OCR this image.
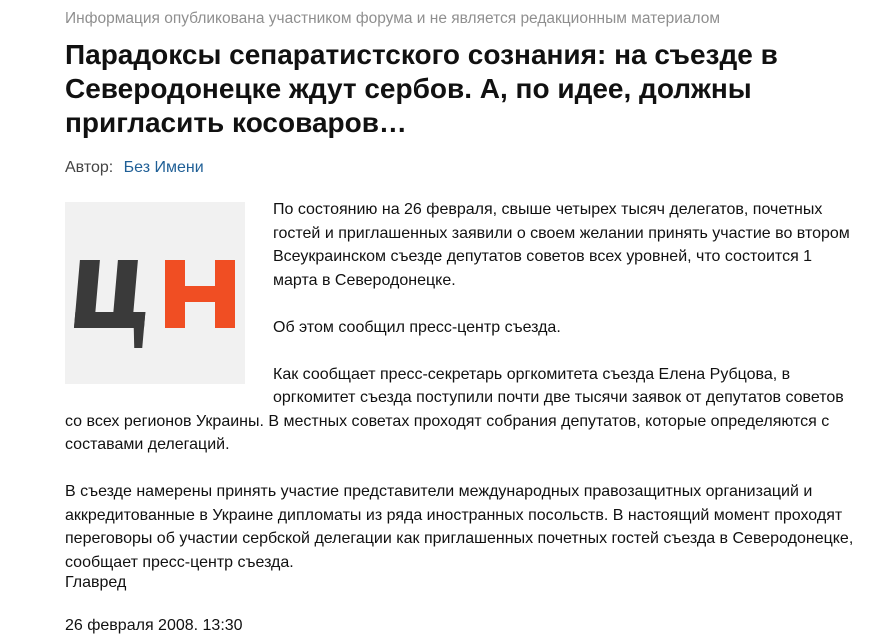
Информация опубликована участником форума и не является редакционным материалом
Парадоксы сепаратистского сознания: на съезде в Северодонецке ждут сербов. А, по идее, должны пригласить косоваров…
Автор: Без Имени

По состоянию на 26 февраля, свыше четырех тысяч делегатов, почетных гостей и приглашенных заявили о своем желании принять участие во втором Всеукраинском съезде депутатов советов всех уровней, что состоится 1 марта в Северодонецке.

Об этом сообщил пресс-центр съезда.

Как сообщает пресс-секретарь оргкомитета съезда Елена Рубцова, в оргкомитет съезда поступили почти две тысячи заявок от депутатов советов со всех регионов Украины. В местных советах проходят собрания депутатов, которые определяются с составами делегаций.

В съезде намерены принять участие представители международных правозащитных организаций и аккредитованные в Украине дипломаты из ряда иностранных посольств. В настоящий момент проходят переговоры об участии сербской делегации как приглашенных почетных гостей съезда в Северодонецке, сообщает пресс-центр съезда.

Главред
26 февраля 2008. 13:30
